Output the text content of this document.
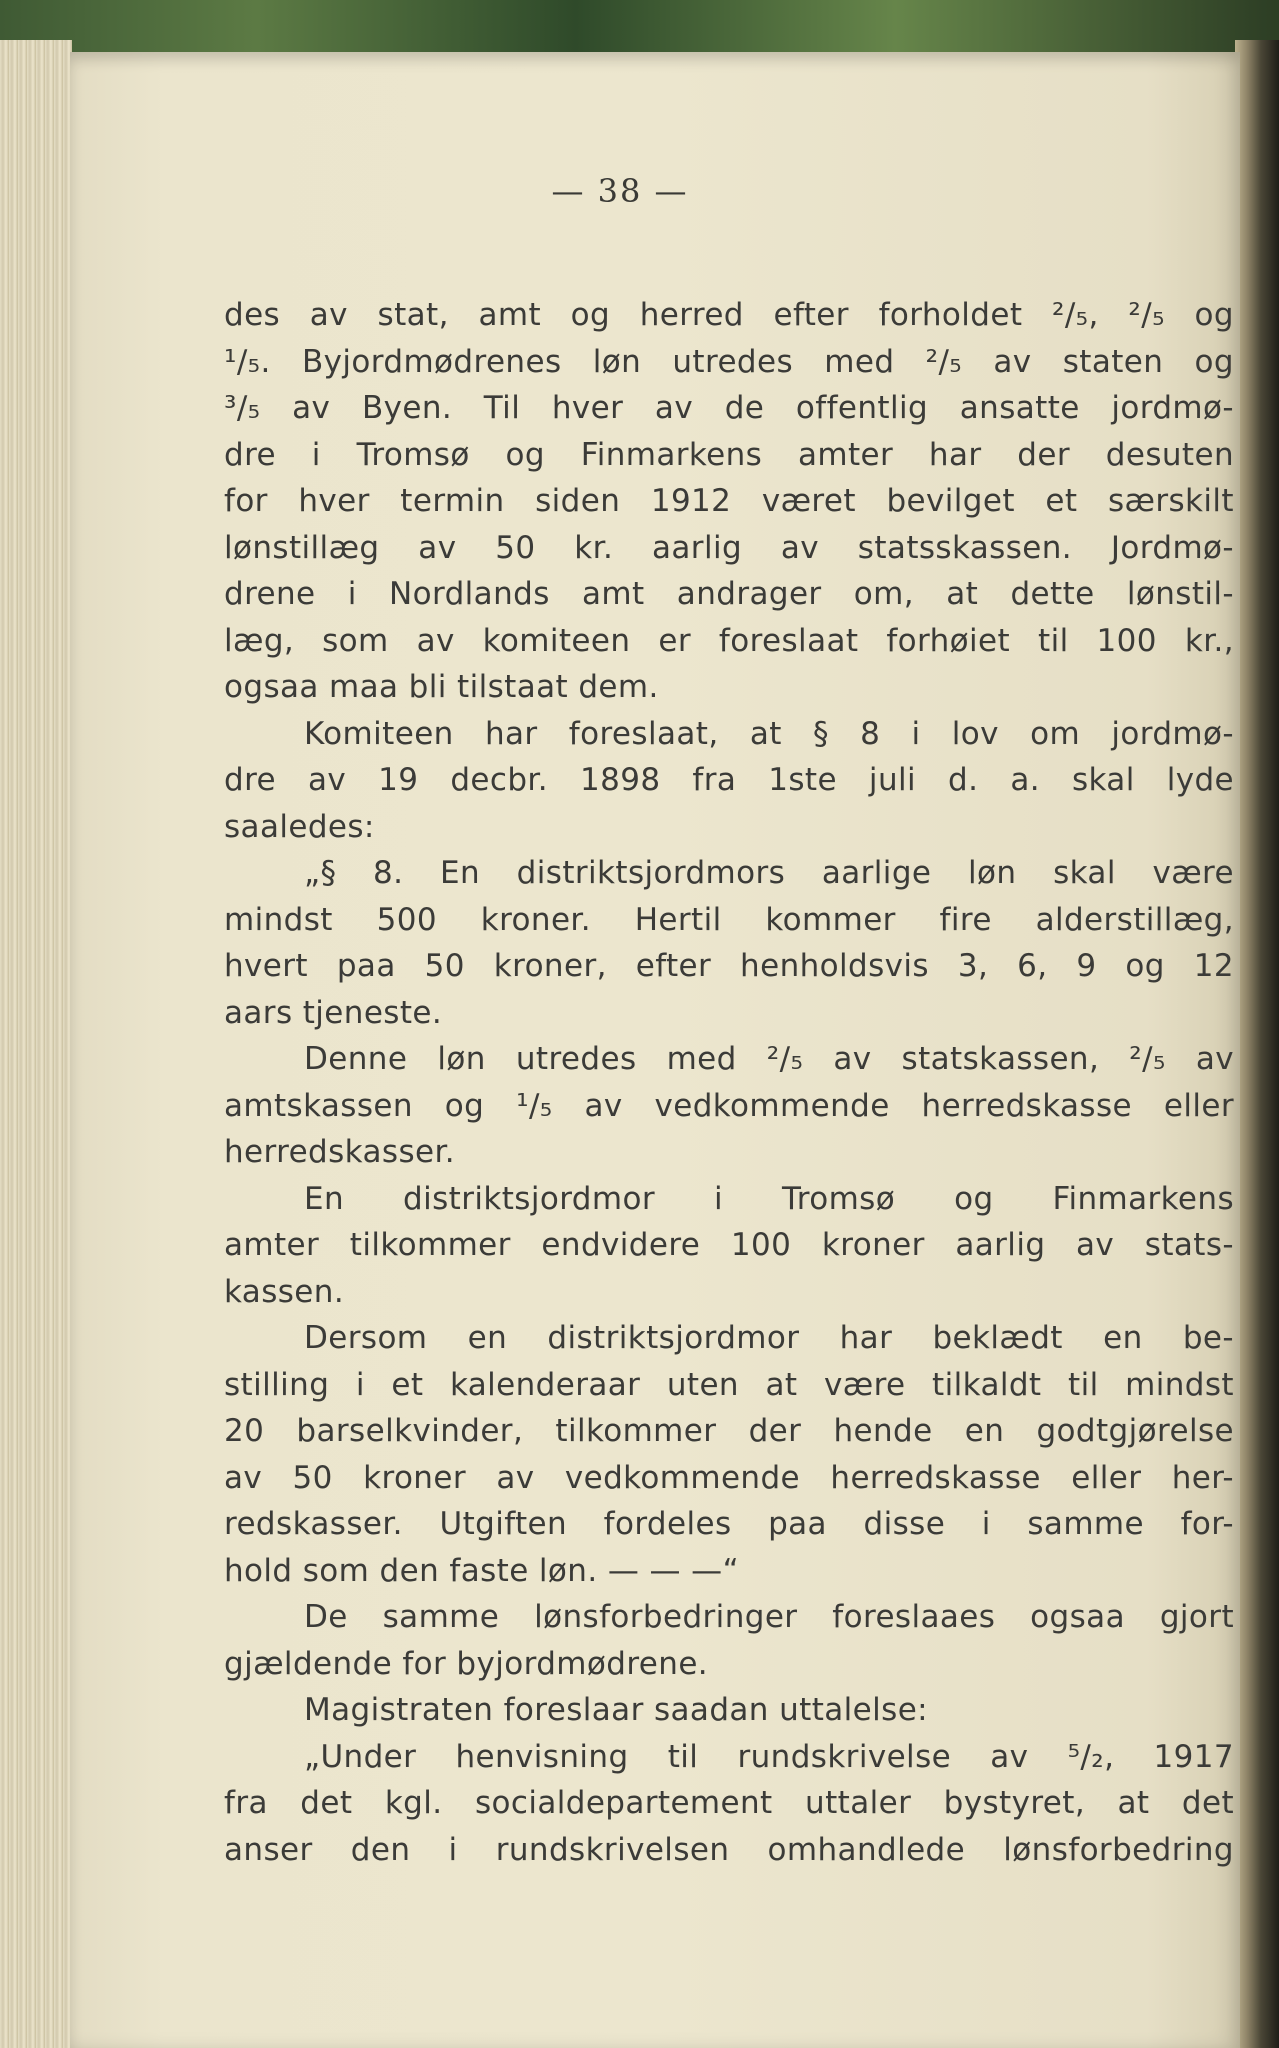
— 38 —
des av stat, amt og herred efter forholdet ²/₅, ²/₅ og
¹/₅. Byjordmødrenes løn utredes med ²/₅ av staten og
³/₅ av Byen. Til hver av de offentlig ansatte jordmø-
dre i Tromsø og Finmarkens amter har der desuten
for hver termin siden 1912 været bevilget et særskilt
lønstillæg av 50 kr. aarlig av statsskassen. Jordmø-
drene i Nordlands amt andrager om, at dette lønstil-
læg, som av komiteen er foreslaat forhøiet til 100 kr.,
ogsaa maa bli tilstaat dem.
Komiteen har foreslaat, at § 8 i lov om jordmø-
dre av 19 decbr. 1898 fra 1ste juli d. a. skal lyde
saaledes:
„§ 8. En distriktsjordmors aarlige løn skal være
mindst 500 kroner. Hertil kommer fire alderstillæg,
hvert paa 50 kroner, efter henholdsvis 3, 6, 9 og 12
aars tjeneste.
Denne løn utredes med ²/₅ av statskassen, ²/₅ av
amtskassen og ¹/₅ av vedkommende herredskasse eller
herredskasser.
En distriktsjordmor i Tromsø og Finmarkens
amter tilkommer endvidere 100 kroner aarlig av stats-
kassen.
Dersom en distriktsjordmor har beklædt en be-
stilling i et kalenderaar uten at være tilkaldt til mindst
20 barselkvinder, tilkommer der hende en godtgjørelse
av 50 kroner av vedkommende herredskasse eller her-
redskasser. Utgiften fordeles paa disse i samme for-
hold som den faste løn. — — —“
De samme lønsforbedringer foreslaaes ogsaa gjort
gjældende for byjordmødrene.
Magistraten foreslaar saadan uttalelse:
„Under henvisning til rundskrivelse av ⁵/₂, 1917
fra det kgl. socialdepartement uttaler bystyret, at det
anser den i rundskrivelsen omhandlede lønsforbedring
